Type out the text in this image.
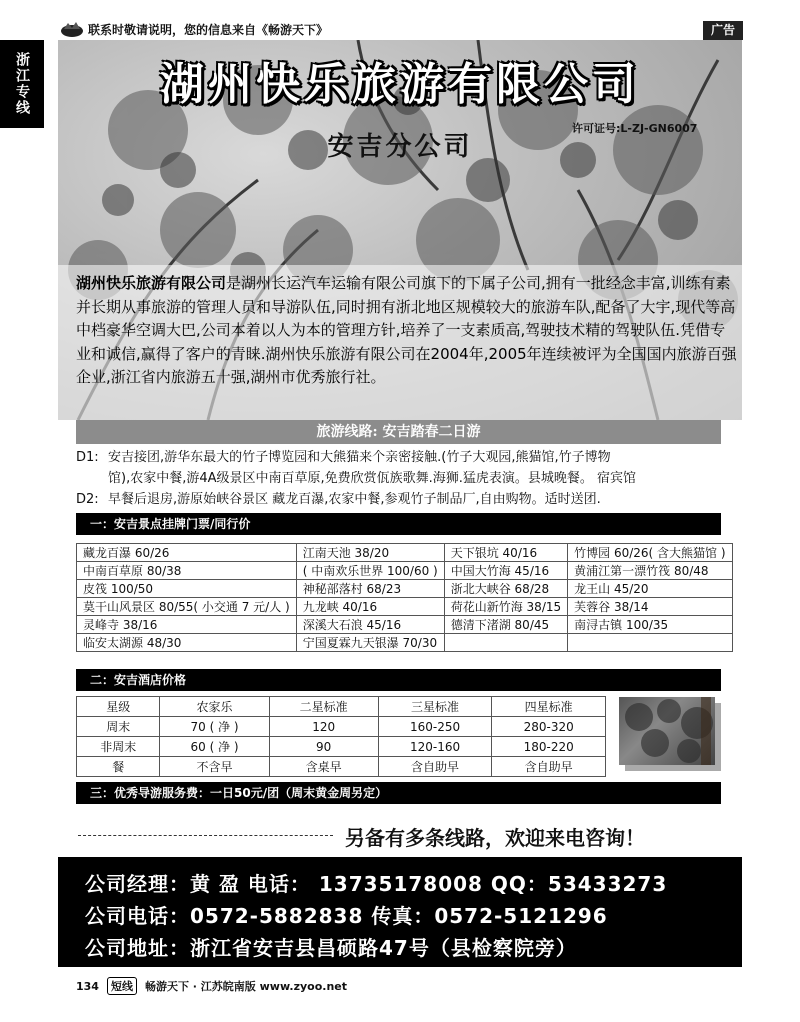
联系时敬请说明，您的信息来自《畅游天下》	广告
浙江专线	湖州快乐旅游有限公司
安吉分公司
许可证号:L-ZJ-GN6007
湖州快乐旅游有限公司是湖州长运汽车运输有限公司旗下的下属子公司,拥有一批经念丰富,训练有素并长期从事旅游的管理人员和导游队伍,同时拥有浙北地区规模较大的旅游车队,配备了大宇,现代等高中档豪华空调大巴,公司本着以人为本的管理方针,培养了一支素质高,驾驶技术精的驾驶队伍.凭借专业和诚信,赢得了客户的青睐.湖州快乐旅游有限公司在2004年,2005年连续被评为全国国内旅游百强企业,浙江省内旅游五十强,湖州市优秀旅行社。
旅游线路: 安吉踏春二日游
D1: 安吉接团,游华东最大的竹子博览园和大熊猫来个亲密接触.(竹子大观园,熊猫馆,竹子博物
馆),农家中餐,游4A级景区中南百草原,免费欣赏佤族歌舞.海狮.猛虎表演。县城晚餐。 宿宾馆
D2: 早餐后退房,游原始峡谷景区 藏龙百瀑,农家中餐,参观竹子制品厂,自由购物。适时送团.
一：安吉景点挂牌门票/同行价
藏龙百瀑 60/26	江南天池 38/20	天下银坑 40/16	竹博园 60/26( 含大熊猫馆 )
中南百草原 80/38	( 中南欢乐世界 100/60 )	中国大竹海 45/16	黄浦江第一漂竹筏 80/48
皮筏 100/50	神秘部落村 68/23	浙北大峡谷 68/28	龙王山 45/20
莫干山风景区 80/55( 小交通 7 元/人 )	九龙峡 40/16	荷花山新竹海 38/15	芙蓉谷 38/14
灵峰寺 38/16	深溪大石浪 45/16	德清下渚湖 80/45	南浔古镇 100/35
临安太湖源 48/30	宁国夏霖九天银瀑 70/30		
二：安吉酒店价格
星级	农家乐	二星标准	三星标准	四星标准
周末	70 ( 净 )	120	160-250	280-320
非周末	60 ( 净 )	90	120-160	180-220
餐	不含早	含桌早	含自助早	含自助早
三：优秀导游服务费：一日50元/团（周末黄金周另定）
另备有多条线路，欢迎来电咨询！
公司经理：黄 盈 电话： 13735178008 QQ：53433273
公司电话：0572-5882838 传真：0572-5121296
公司地址：浙江省安吉县昌硕路47号（县检察院旁）
134	短线	畅游天下 · 江苏皖南版 www.zyoo.net
